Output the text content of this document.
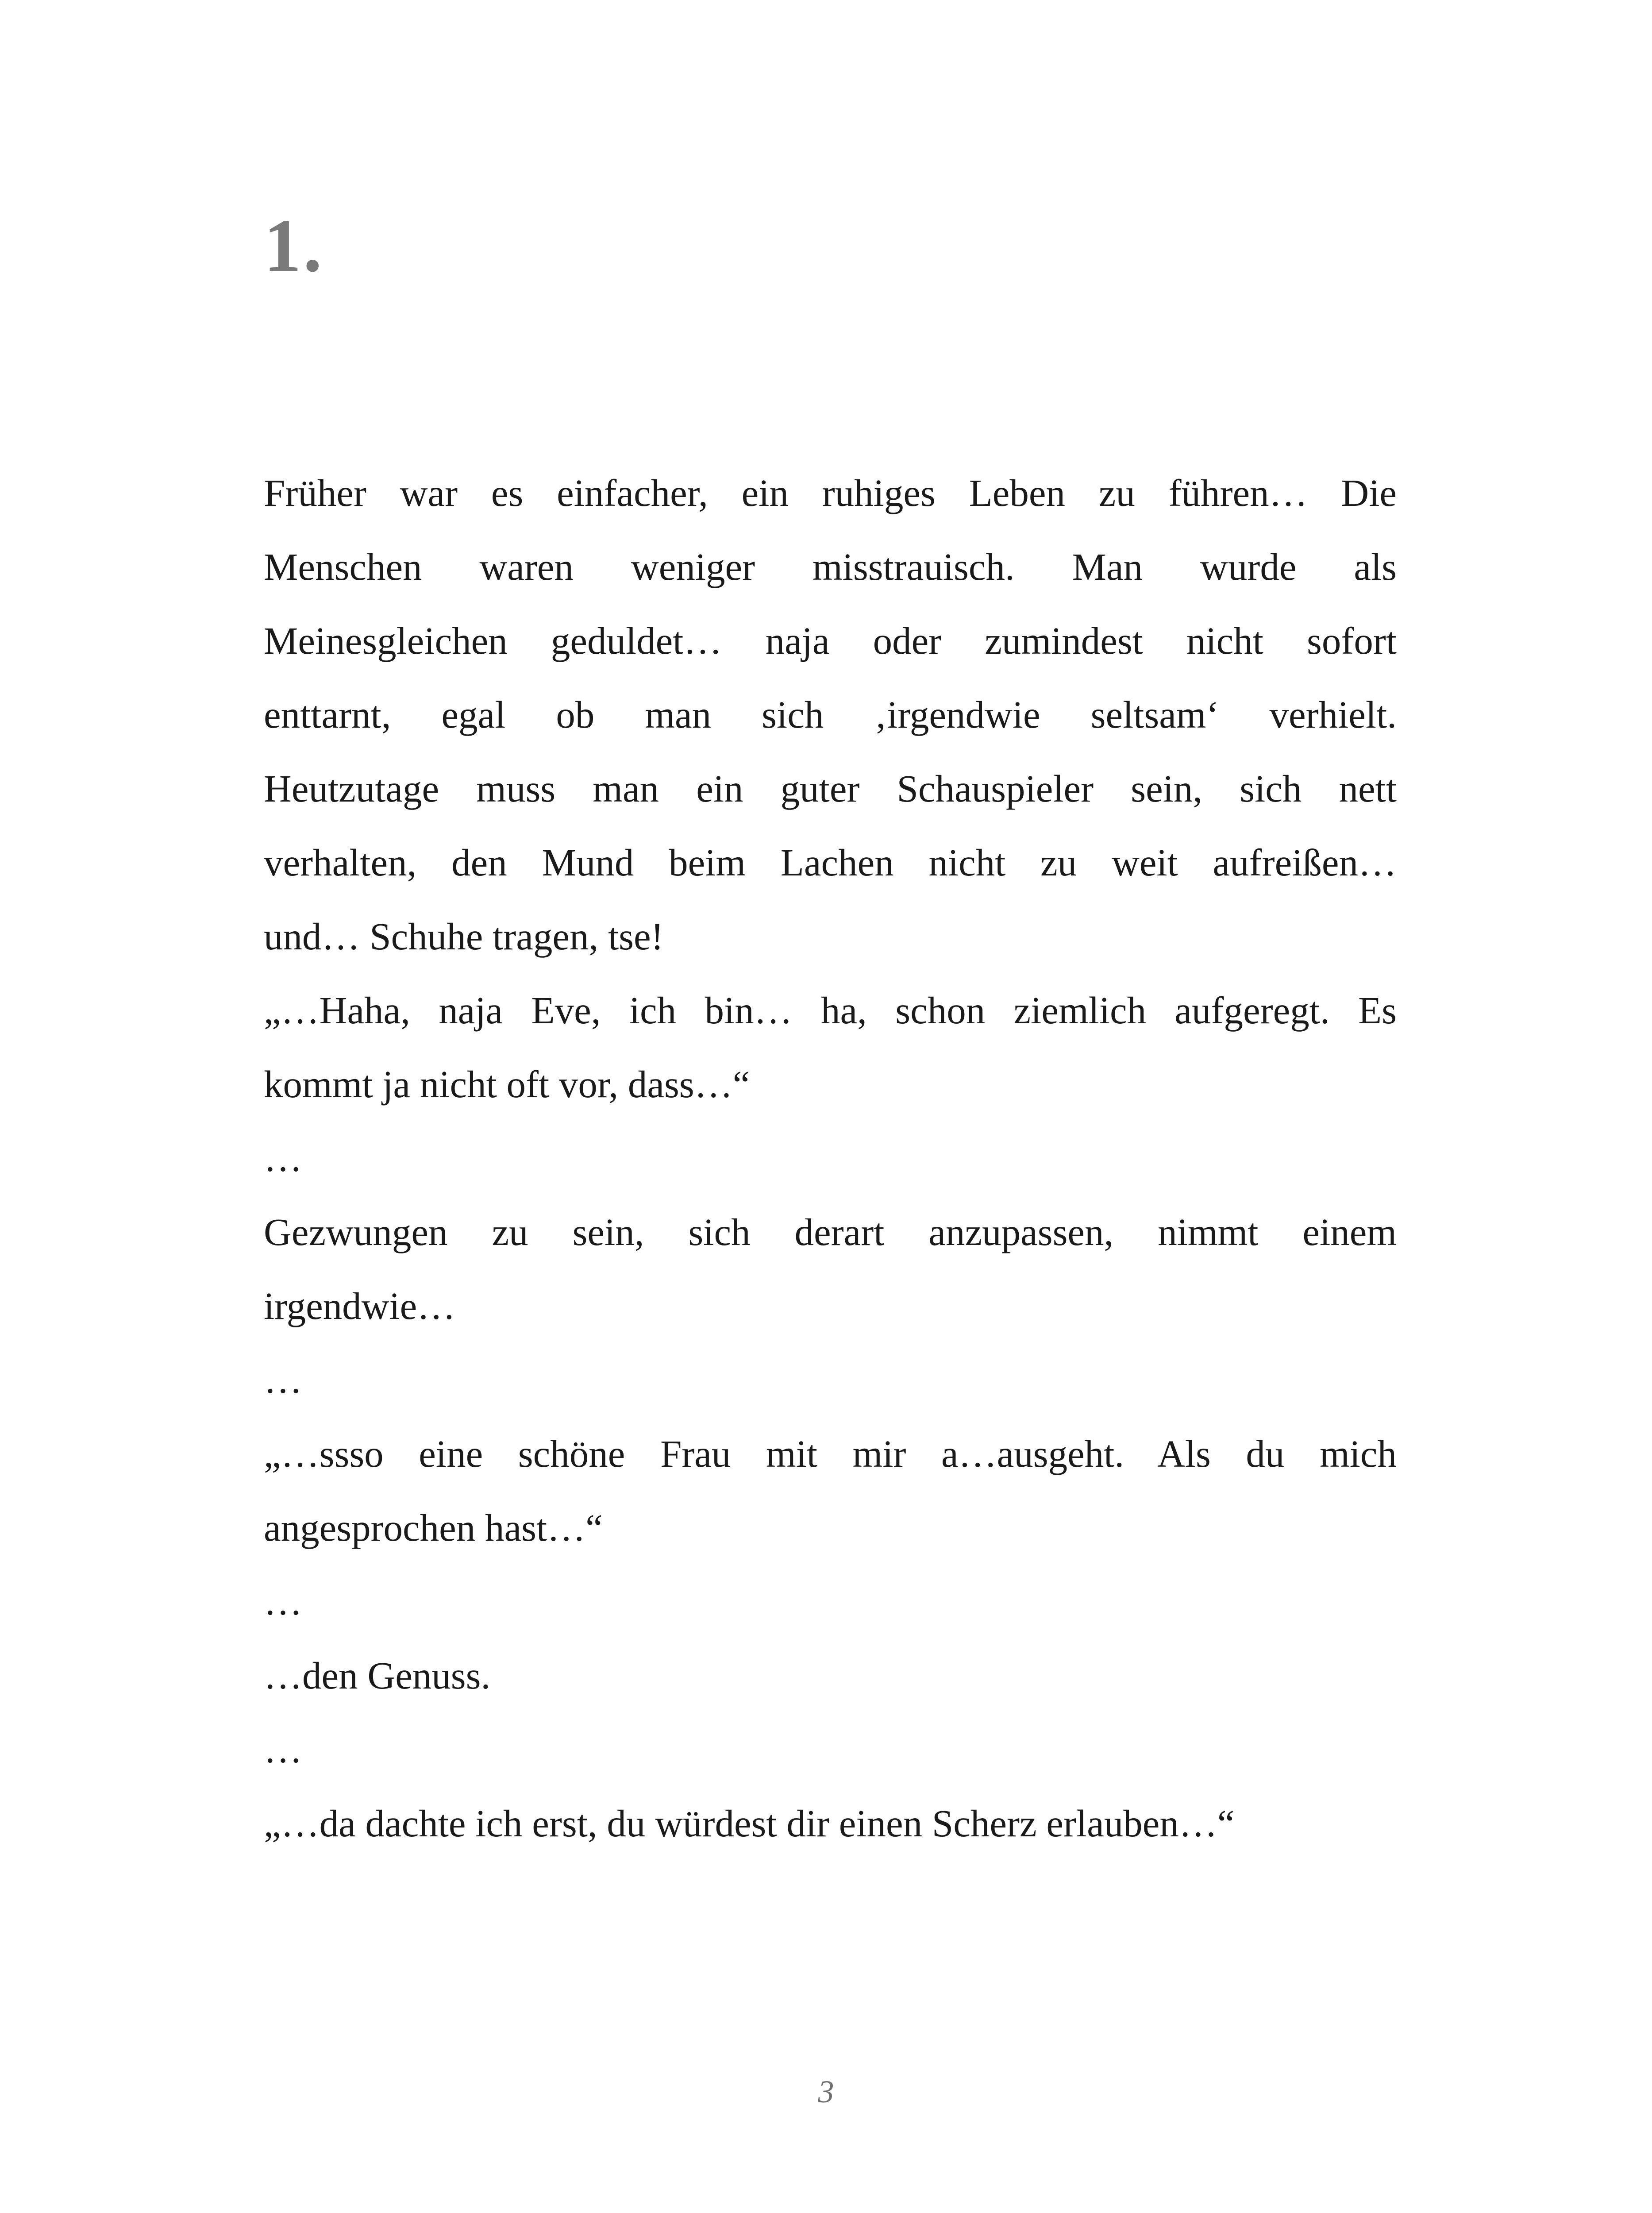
1.
Früher war es einfacher, ein ruhiges Leben zu führen… Die
Menschen waren weniger misstrauisch. Man wurde als
Meinesgleichen geduldet… naja oder zumindest nicht sofort
enttarnt, egal ob man sich ‚irgendwie seltsam‘ verhielt.
Heutzutage muss man ein guter Schauspieler sein, sich nett
verhalten, den Mund beim Lachen nicht zu weit aufreißen…
und… Schuhe tragen, tse!
„…Haha, naja Eve, ich bin… ha, schon ziemlich aufgeregt. Es
kommt ja nicht oft vor, dass…“
…
Gezwungen zu sein, sich derart anzupassen, nimmt einem
irgendwie…
…
„…ssso eine schöne Frau mit mir a…ausgeht. Als du mich
angesprochen hast…“
…
…den Genuss.
…
„…da dachte ich erst, du würdest dir einen Scherz erlauben…“
3
